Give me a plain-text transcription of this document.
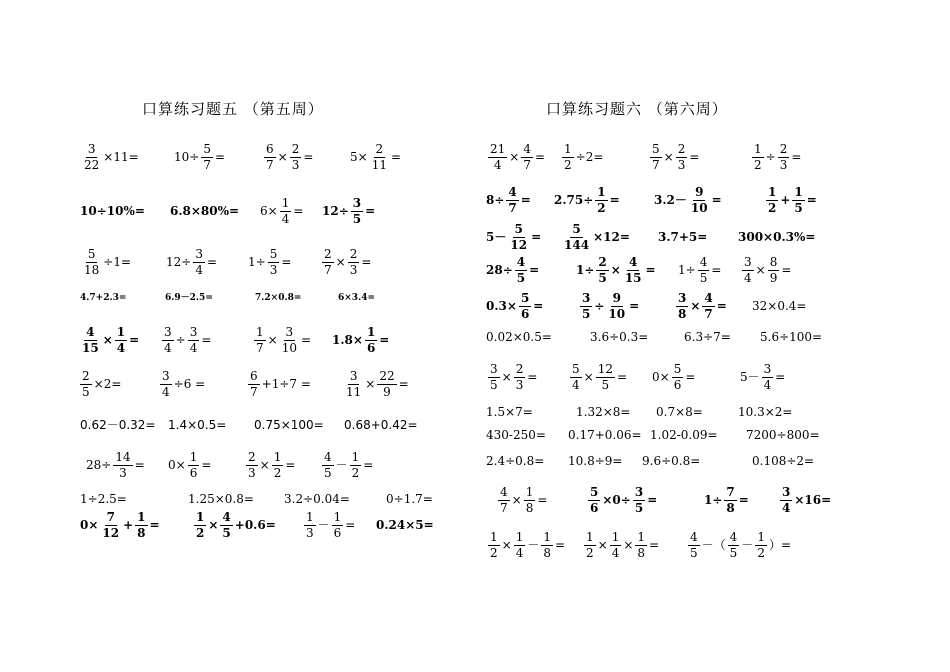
口算练习题五 （第五周）	口算练习题六 （第六周）
$\frac{3}{22} \times 11=$	$10\div \frac{5}{7}$ =	$\frac{6}{7} \times \frac{2}{3}$ =	$5\times \frac{2}{11}$ =
$10\div 10\%= 6.8\times 80\%= 6\times \frac{1}{4} = 12\div \frac{3}{5}$ =
$\frac{5}{18} \div 1=$	$12\div \frac{3}{4}$ =	$1\div \frac{5}{3}$ =	$\frac{2}{7} \times \frac{2}{3}$ =
4.7+2.3=	6.9－2.5=	7.2×0.8=	6×3.4=
$\frac{4}{15} \times \frac{1}{4} = \frac{3}{4} \div \frac{3}{4}$ =	$\frac{1}{7} \times \frac{3}{10} = 1.8\times \frac{1}{6}$ =
$\frac{2}{5} \times 2=$	$\frac{3}{4} \div 6$ =	$\frac{6}{7} +1\div 7$ =	$\frac{3}{11} \times \frac{22}{9}$ =
0.62－0.32= 1.4×0.5= 0.75×100= 0.68+0.42=
$28\div \frac{14}{3} = 0\times \frac{1}{6}$ =	$\frac{2}{3} \times \frac{1}{2} = \frac{4}{5} - \frac{1}{2}$ =
1÷2.5=	1.25×0.8=	3.2÷0.04=	0÷1.7=
$0\times \frac{7}{12} + \frac{1}{8}$ =	$\frac{1}{2} \times \frac{4}{5} +0.6= \frac{1}{3} - \frac{1}{6} = 0.24\times 5=$
$\frac{21}{4} \times \frac{4}{7} = \frac{1}{2} \div 2=$	$\frac{5}{7} \times \frac{2}{3}$ =	$\frac{1}{2} \div \frac{2}{3}$ =
$8\div \frac{4}{7} = 2.75\div \frac{1}{2}$ =	$3.2- \frac{9}{10}$ =	$\frac{1}{2} + \frac{1}{5}$ =
$5- \frac{5}{12} = \frac{5}{144} \times 12= 3.7+5=$	300×0.3%=
$28\div \frac{4}{5}$ =	$1\div \frac{2}{5} \times \frac{4}{15} = 1\div \frac{4}{5} = \frac{3}{4} \times \frac{8}{9}$ =
$0.3\times \frac{5}{6}$ =	$\frac{3}{5} \div \frac{9}{10}$ =	$\frac{3}{8} \times \frac{4}{7} = 32\times 0.4=$
0.02×0.5=	3.6÷0.3=	6.3÷7= 5.6÷100=
$\frac{3}{5} \times \frac{2}{3}$ =	$\frac{5}{4} \times \frac{12}{5} = 0\times \frac{5}{6}$ =	$5- \frac{3}{4}$ =
1.5×7=	1.32×8= 0.7×8=	10.3×2=
430-250= 0.17+0.06= 1.02-0.09= 7200÷800=
2.4÷0.8= 10.8÷9= 9.6÷0.8=	0.108÷2=
$\frac{4}{7} \times \frac{1}{8}$ =	$\frac{5}{6} \times 0\div \frac{3}{5}$ =	$1\div \frac{7}{8}$ =	$\frac{3}{4} \times 16=$
$\frac{1}{2} \times \frac{1}{4} - \frac{1}{8} = \frac{1}{2} \times \frac{1}{4} \times \frac{1}{8} = \frac{4}{5}$ －（ $\frac{4}{5} - \frac{1}{2}$ ）=
